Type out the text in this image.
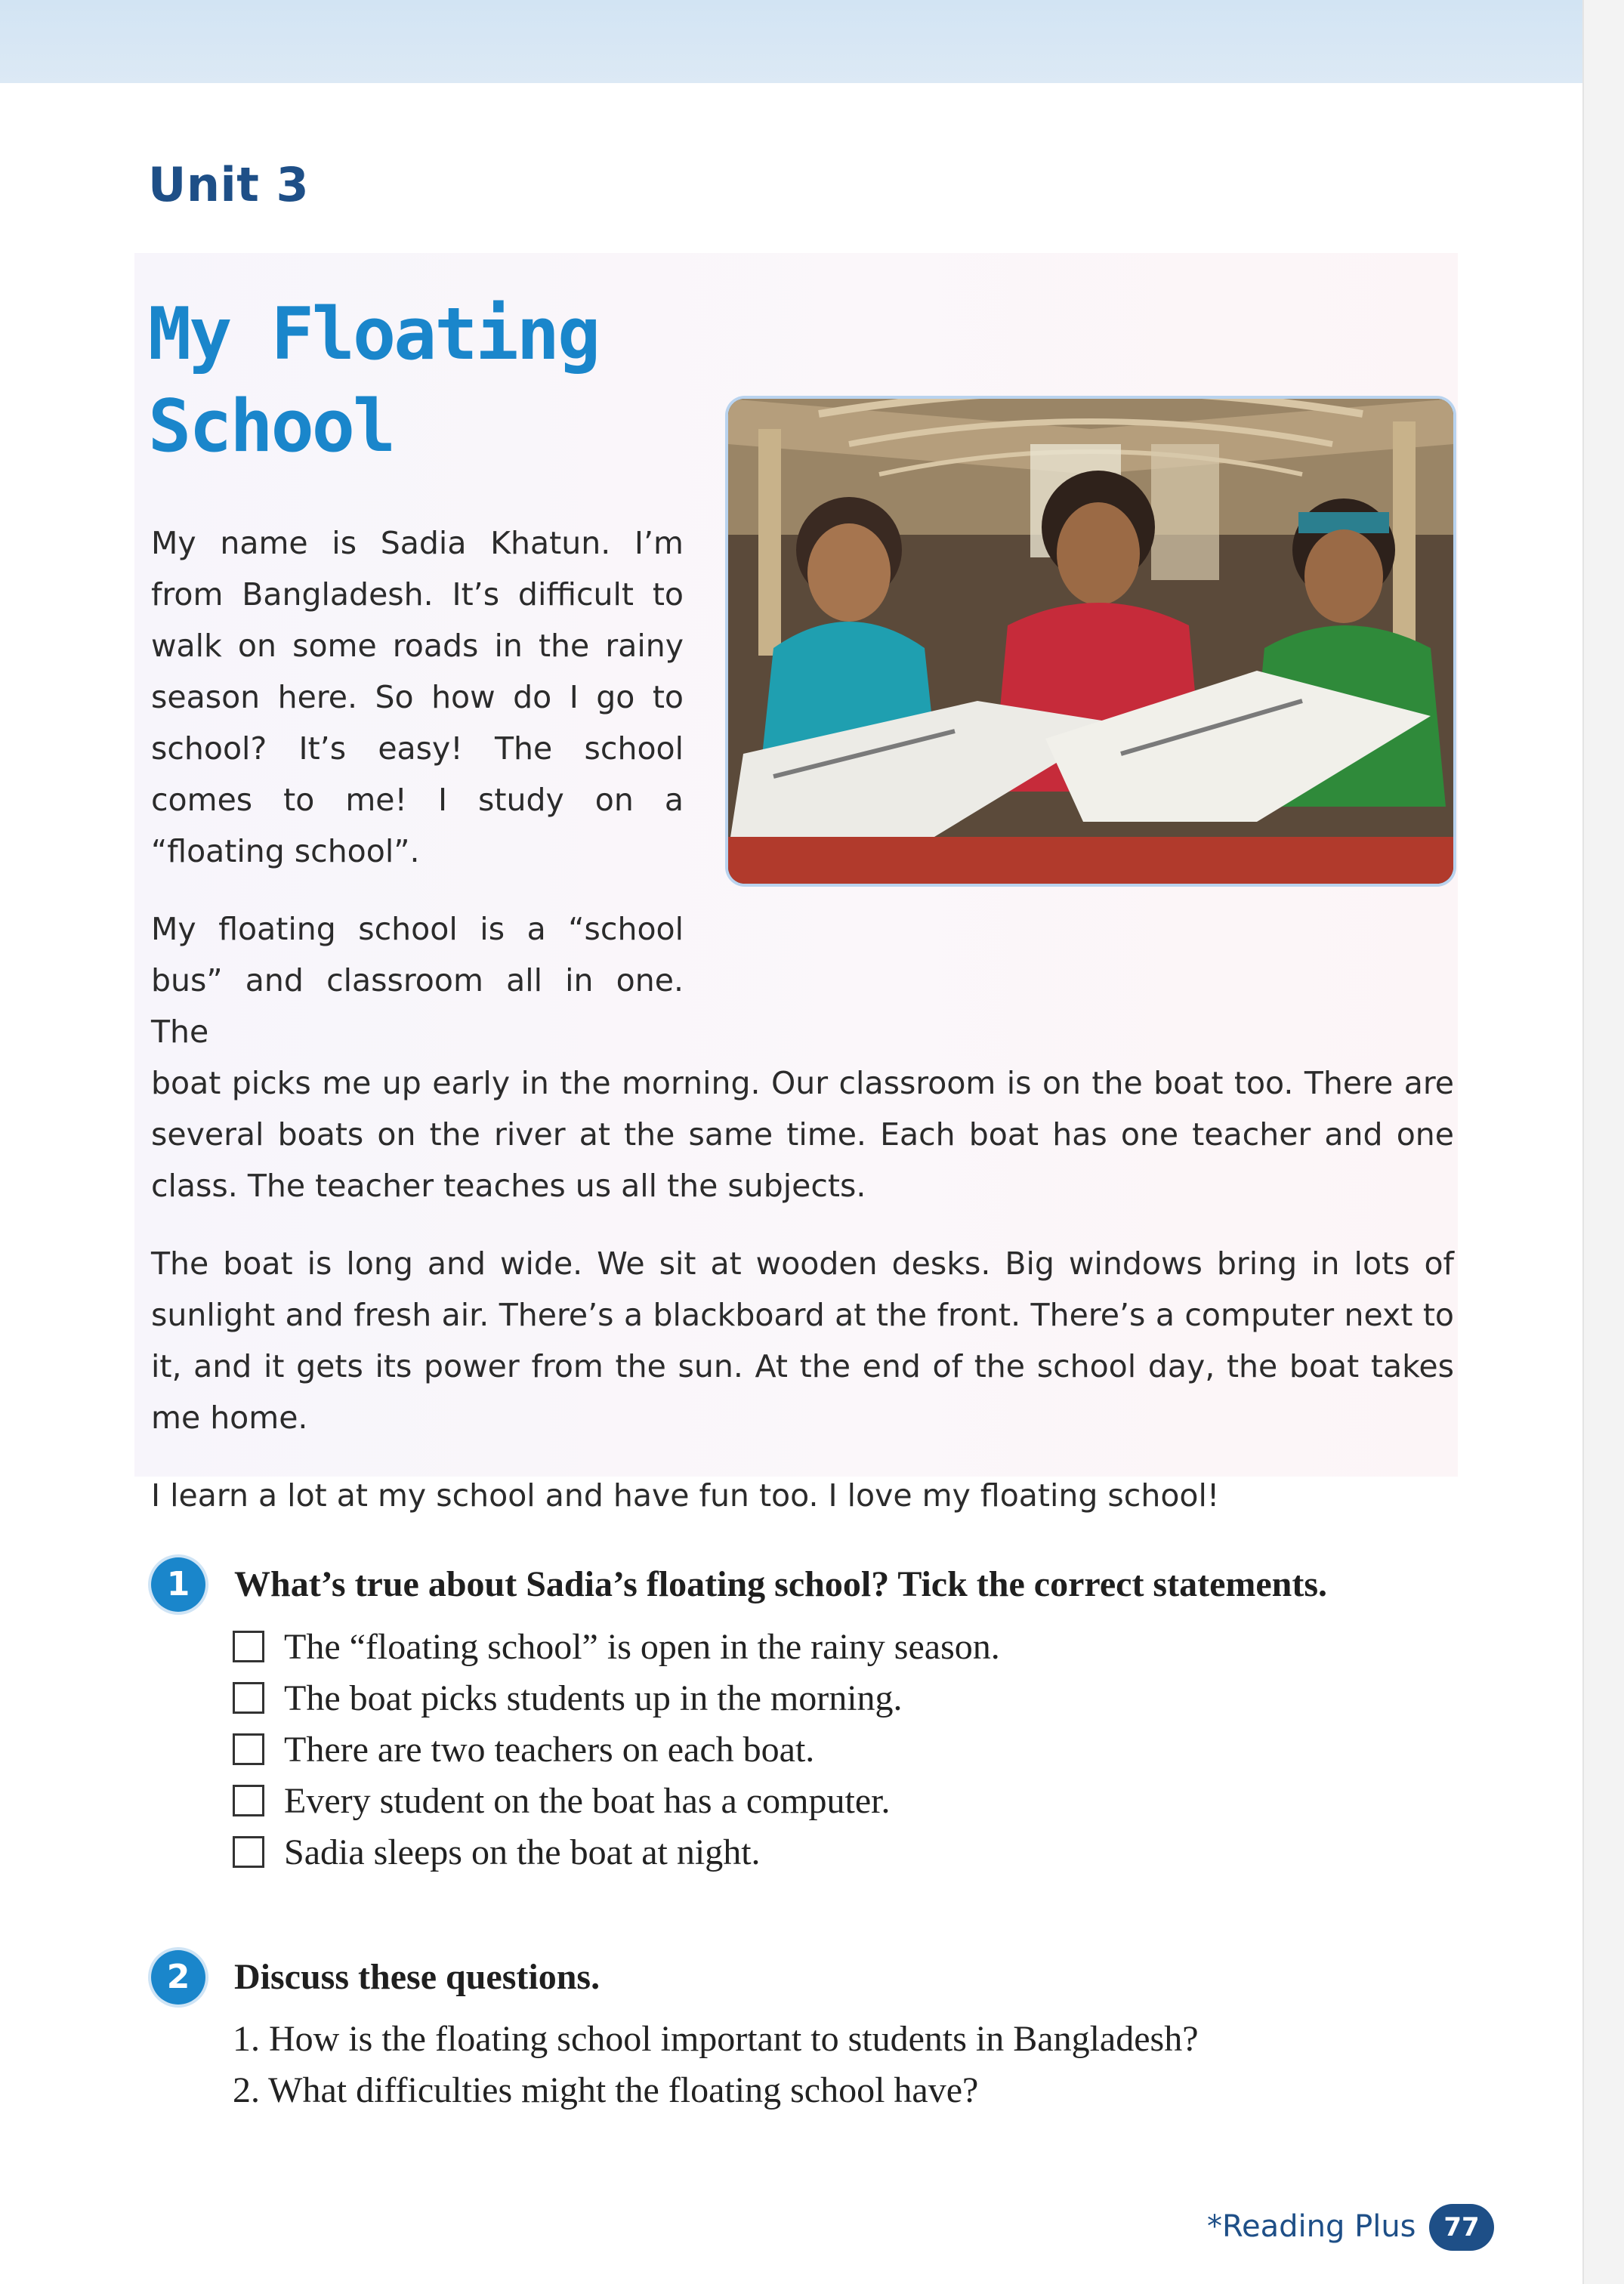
Unit 3
My Floating
School

My name is Sadia Khatun. I’m from Bangladesh. It’s difficult to walk on some roads in the rainy season here. So how do I go to school? It’s easy! The school comes to me! I study on a “floating school”.

My floating school is a “school
bus” and classroom all in one. The
boat picks me up early in the morning. Our classroom is on the boat too. There are several boats on the river at the same time. Each boat has one teacher and one class. The teacher teaches us all the subjects.

The boat is long and wide. We sit at wooden desks. Big windows bring in lots of sunlight and fresh air. There’s a blackboard at the front. There’s a computer next to it, and it gets its power from the sun. At the end of the school day, the boat takes me home.

I learn a lot at my school and have fun too. I love my floating school!

1	What’s true about Sadia’s floating school? Tick the correct statements.
The “floating school” is open in the rainy season.
The boat picks students up in the morning.
There are two teachers on each boat.
Every student on the boat has a computer.
Sadia sleeps on the boat at night.
2	Discuss these questions.
1. How is the floating school important to students in Bangladesh?
2. What difficulties might the floating school have?
*Reading Plus	77
